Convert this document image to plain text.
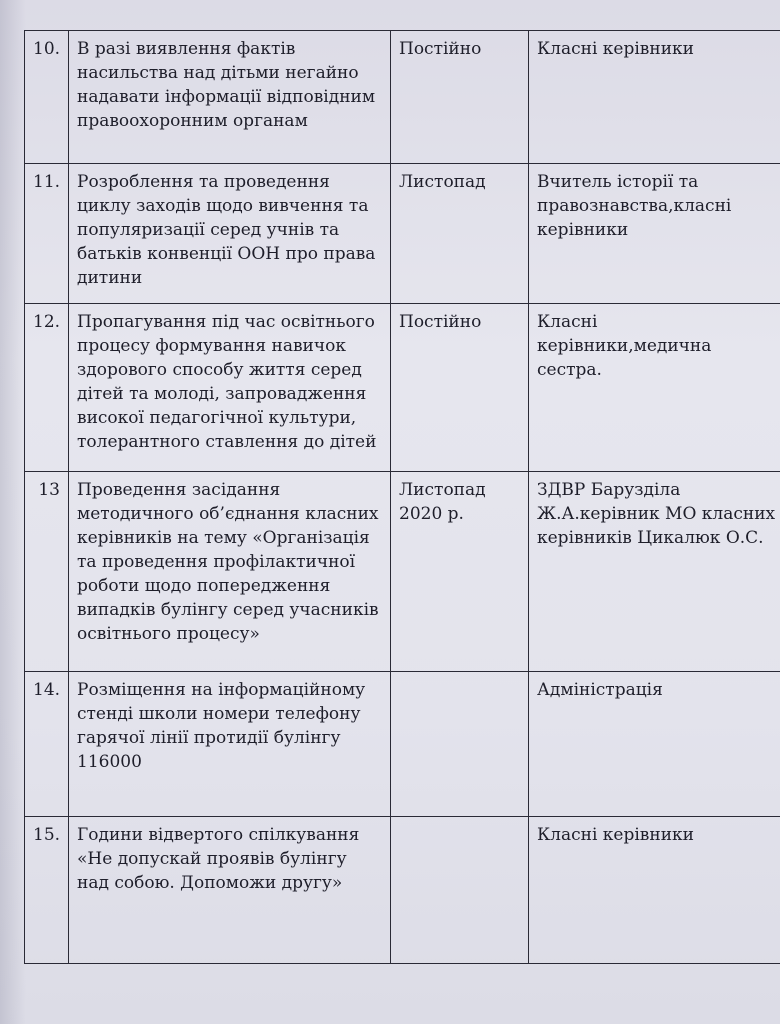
10.	В разі виявлення фактів насильства над дітьми негайно надавати інформації відповідним правоохоронним органам	Постійно	Класні керівники
11.	Розроблення та проведення циклу заходів щодо вивчення та популяризації серед учнів та батьків конвенції ООН про права дитини	Листопад	Вчитель історії та правознавства,класні керівники
12.	Пропагування під час освітнього процесу формування навичок здорового способу життя серед дітей та молоді, запровадження високої педагогічної культури, толерантного ставлення до дітей	Постійно	Класні керівники,медична сестра.
13	Проведення засідання методичного об’єднання класних керівників на тему «Організація та проведення профілактичної роботи щодо попередження випадків булінгу серед учасників освітнього процесу»	Листопад 2020 р.	ЗДВР Барузділа Ж.А.керівник МО класних керівників Цикалюк О.С.
14.	Розміщення на інформаційному стенді школи номери телефону гарячої лінії протидії булінгу 116000		Адміністрація
15.	Години відвертого спілкування «Не допускай проявів булінгу над собою. Допоможи другу»		Класні керівники
